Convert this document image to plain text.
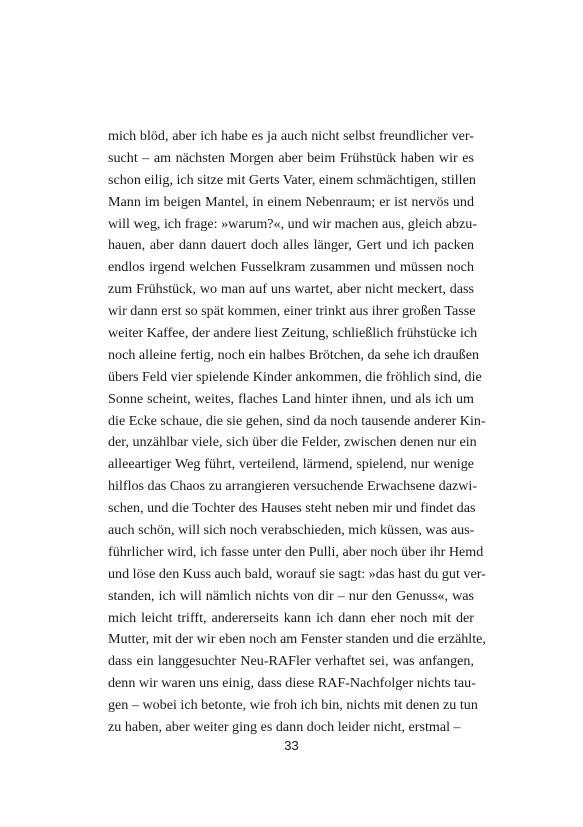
mich blöd, aber ich habe es ja auch nicht selbst freundlicher ver-
sucht – am nächsten Morgen aber beim Frühstück haben wir es
schon eilig, ich sitze mit Gerts Vater, einem schmächtigen, stillen
Mann im beigen Mantel, in einem Nebenraum; er ist nervös und
will weg, ich frage: »warum?«, und wir machen aus, gleich abzu-
hauen, aber dann dauert doch alles länger, Gert und ich packen
endlos irgend welchen Fusselkram zusammen und müssen noch
zum Frühstück, wo man auf uns wartet, aber nicht meckert, dass
wir dann erst so spät kommen, einer trinkt aus ihrer großen Tasse
weiter Kaffee, der andere liest Zeitung, schließlich frühstücke ich
noch alleine fertig, noch ein halbes Brötchen, da sehe ich draußen
übers Feld vier spielende Kinder ankommen, die fröhlich sind, die
Sonne scheint, weites, flaches Land hinter ihnen, und als ich um
die Ecke schaue, die sie gehen, sind da noch tausende anderer Kin-
der, unzählbar viele, sich über die Felder, zwischen denen nur ein
alleeartiger Weg führt, verteilend, lärmend, spielend, nur wenige
hilflos das Chaos zu arrangieren versuchende Erwachsene dazwi-
schen, und die Tochter des Hauses steht neben mir und findet das
auch schön, will sich noch verabschieden, mich küssen, was aus-
führlicher wird, ich fasse unter den Pulli, aber noch über ihr Hemd
und löse den Kuss auch bald, worauf sie sagt: »das hast du gut ver-
standen, ich will nämlich nichts von dir – nur den Genuss«, was
mich leicht trifft, andererseits kann ich dann eher noch mit der
Mutter, mit der wir eben noch am Fenster standen und die erzählte,
dass ein langgesuchter Neu-RAFler verhaftet sei, was anfangen,
denn wir waren uns einig, dass diese RAF-Nachfolger nichts tau-
gen – wobei ich betonte, wie froh ich bin, nichts mit denen zu tun
zu haben, aber weiter ging es dann doch leider nicht, erstmal –
33
